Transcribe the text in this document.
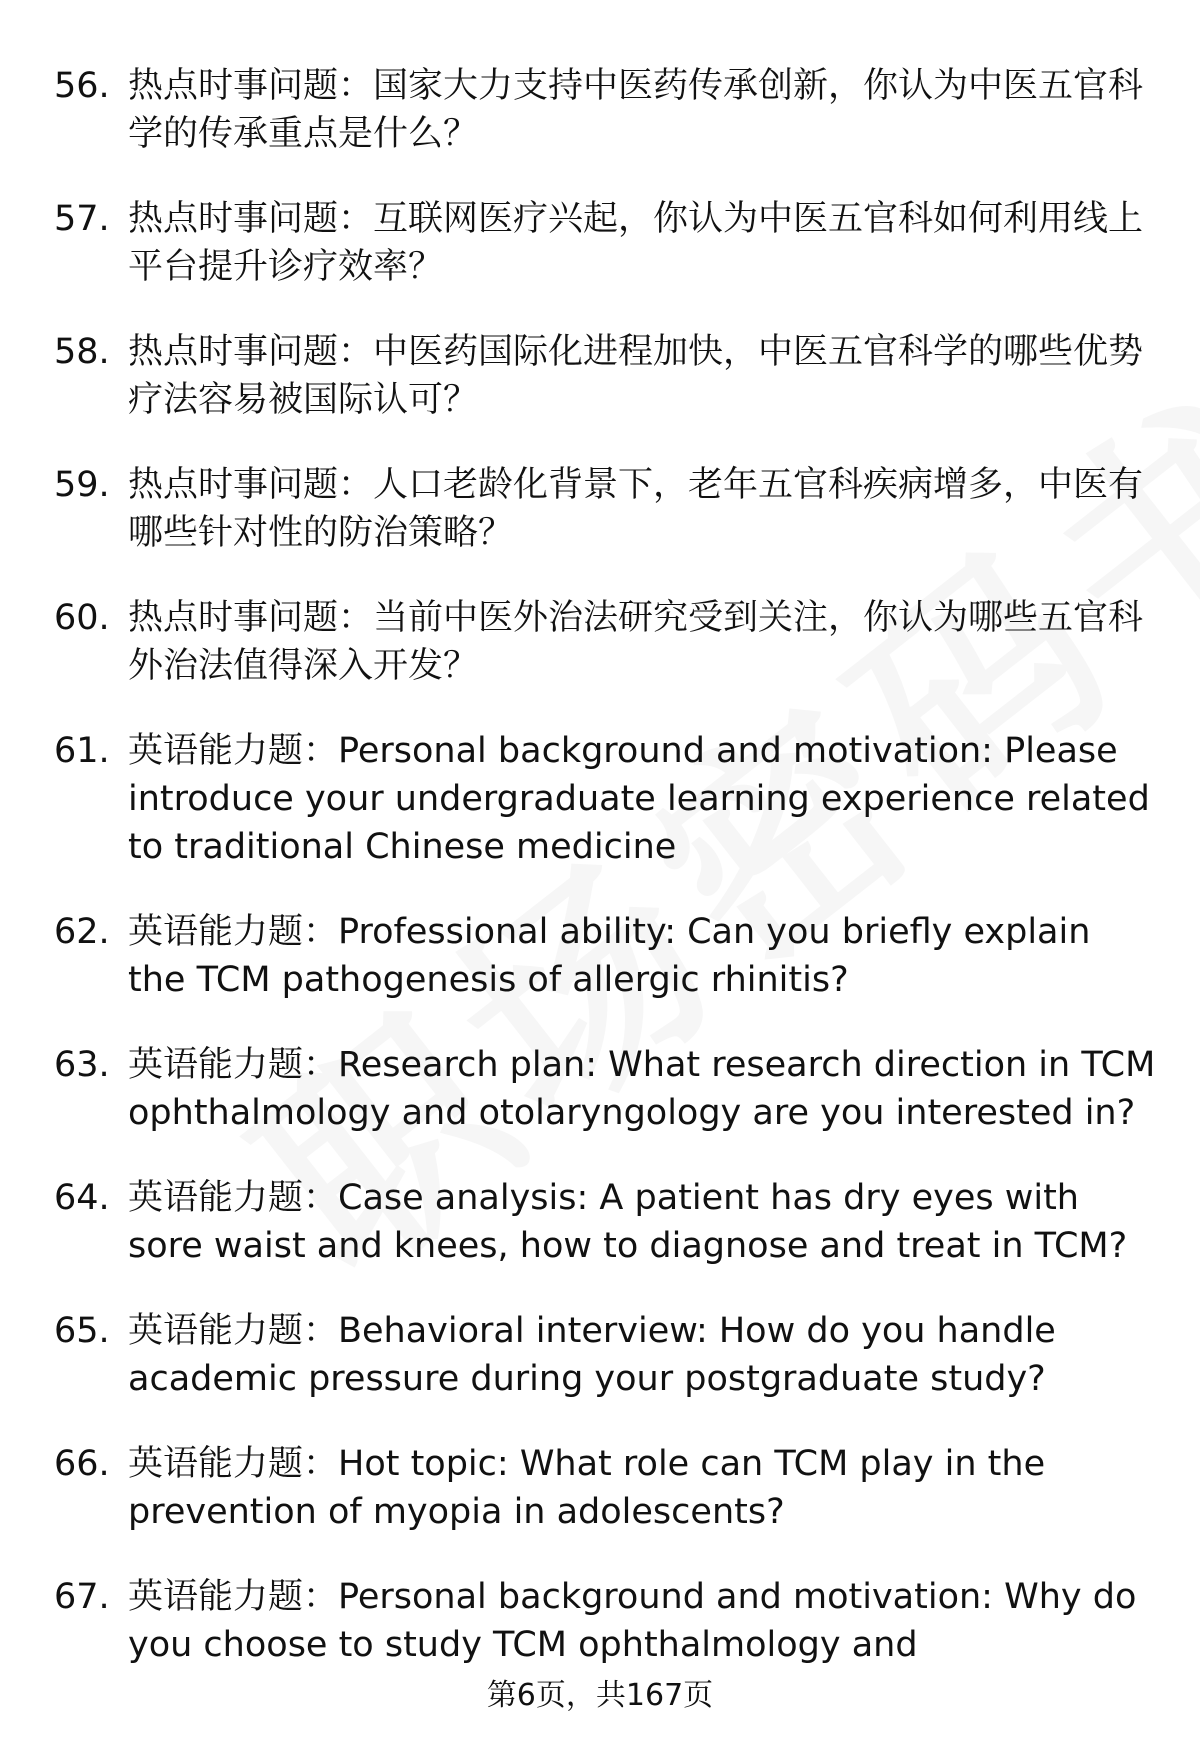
56. 热点时事问题：国家大力支持中医药传承创新，你认为中医五官科学的传承重点是什么？
57. 热点时事问题：互联网医疗兴起，你认为中医五官科如何利用线上平台提升诊疗效率？
58. 热点时事问题：中医药国际化进程加快，中医五官科学的哪些优势疗法容易被国际认可？
59. 热点时事问题：人口老龄化背景下，老年五官科疾病增多，中医有哪些针对性的防治策略？
60. 热点时事问题：当前中医外治法研究受到关注，你认为哪些五官科外治法值得深入开发？
61. 英语能力题：Personal background and motivation: Please introduce your undergraduate learning experience related to traditional Chinese medicine
62. 英语能力题：Professional ability: Can you briefly explain the TCM pathogenesis of allergic rhinitis?
63. 英语能力题：Research plan: What research direction in TCM ophthalmology and otolaryngology are you interested in?
64. 英语能力题：Case analysis: A patient has dry eyes with sore waist and knees, how to diagnose and treat in TCM?
65. 英语能力题：Behavioral interview: How do you handle academic pressure during your postgraduate study?
66. 英语能力题：Hot topic: What role can TCM play in the prevention of myopia in adolescents?
67. 英语能力题：Personal background and motivation: Why do you choose to study TCM ophthalmology and
第6页，共167页
